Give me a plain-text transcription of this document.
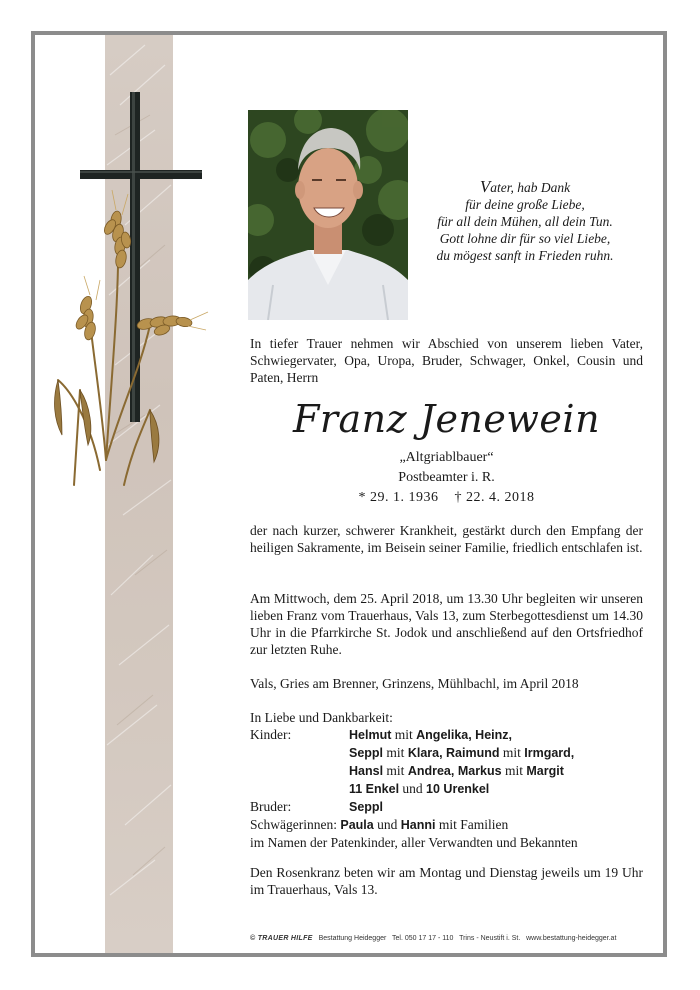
Vater, hab Dank
für deine große Liebe,
für all dein Mühen, all dein Tun.
Gott lohne dir für so viel Liebe,
du mögest sanft in Frieden ruhn.
In tiefer Trauer nehmen wir Abschied von unserem lieben Vater, Schwiegervater, Opa, Uropa, Bruder, Schwager, Onkel, Cousin und Paten, Herrn
Franz Jenewein
„Altgriablbauer“
Postbeamter i. R.
* 29. 1. 1936    † 22. 4. 2018
der nach kurzer, schwerer Krankheit, gestärkt durch den Empfang der heiligen Sakramente, im Beisein seiner Familie, friedlich entschlafen ist.
Am Mittwoch, dem 25. April 2018, um 13.30 Uhr begleiten wir unseren lieben Franz vom Trauerhaus, Vals 13, zum Sterbegottesdienst um 14.30 Uhr in die Pfarrkirche St. Jodok und anschließend auf den Ortsfriedhof zur letzten Ruhe.
Vals, Gries am Brenner, Grinzens, Mühlbachl, im April 2018
In Liebe und Dankbarkeit:
Kinder:	Helmut mit Angelika, Heinz,
Seppl mit Klara, Raimund mit Irmgard,
Hansl mit Andrea, Markus mit Margit
11 Enkel und 10 Urenkel
Bruder:	Seppl
Schwägerinnen: Paula und Hanni mit Familien
im Namen der Patenkinder, aller Verwandten und Bekannten
Den Rosenkranz beten wir am Montag und Dienstag jeweils um 19 Uhr im Trauerhaus, Vals 13.
© TRAUER HILFE Bestattung Heidegger   Tel. 050 17 17 - 110   Trins - Neustift i. St.   www.bestattung-heidegger.at
